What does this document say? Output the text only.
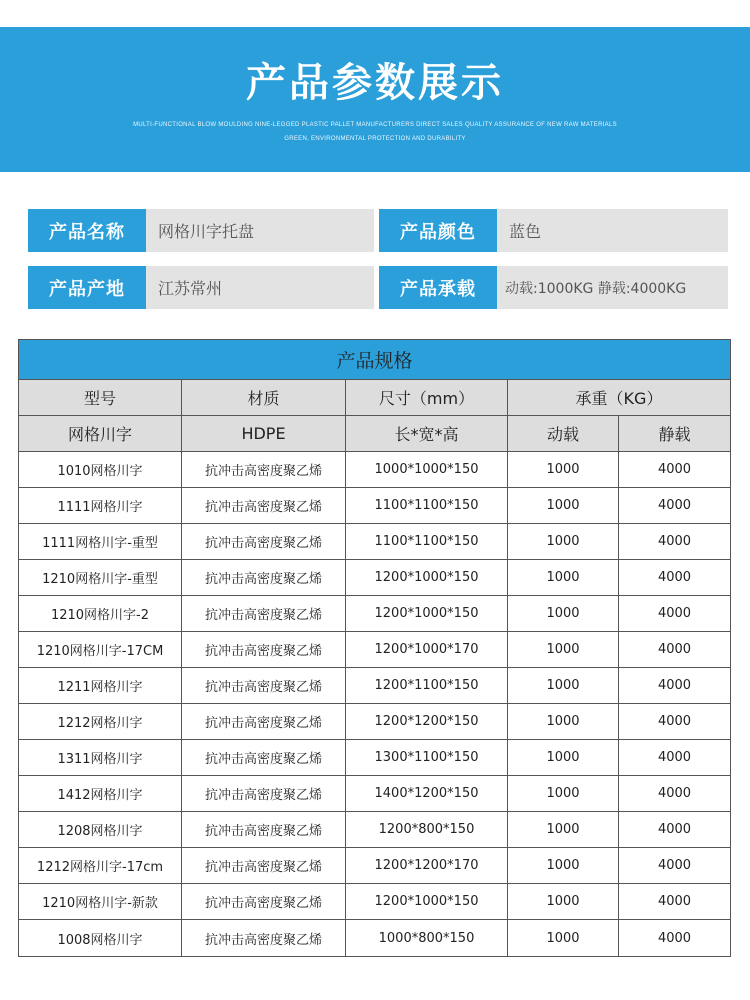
产品参数展示
MULTI-FUNCTIONAL BLOW MOULDING NINE-LEGGED PLASTIC PALLET MANUFACTURERS DIRECT SALES QUALITY ASSURANCE OF NEW RAW MATERIALS
GREEN, ENVIRONMENTAL PROTECTION AND DURABILITY
产品名称	网格川字托盘	产品颜色	蓝色
产品产地	江苏常州	产品承载	动载:1000KG 静载:4000KG
产品规格
型号	材质	尺寸（mm）	承重（KG）
网格川字	HDPE	长*宽*高	动载	静载
1010网格川字	抗冲击高密度聚乙烯	1000*1000*150	1000	4000
1111网格川字	抗冲击高密度聚乙烯	1100*1100*150	1000	4000
1111网格川字-重型	抗冲击高密度聚乙烯	1100*1100*150	1000	4000
1210网格川字-重型	抗冲击高密度聚乙烯	1200*1000*150	1000	4000
1210网格川字-2	抗冲击高密度聚乙烯	1200*1000*150	1000	4000
1210网格川字-17CM	抗冲击高密度聚乙烯	1200*1000*170	1000	4000
1211网格川字	抗冲击高密度聚乙烯	1200*1100*150	1000	4000
1212网格川字	抗冲击高密度聚乙烯	1200*1200*150	1000	4000
1311网格川字	抗冲击高密度聚乙烯	1300*1100*150	1000	4000
1412网格川字	抗冲击高密度聚乙烯	1400*1200*150	1000	4000
1208网格川字	抗冲击高密度聚乙烯	1200*800*150	1000	4000
1212网格川字-17cm	抗冲击高密度聚乙烯	1200*1200*170	1000	4000
1210网格川字-新款	抗冲击高密度聚乙烯	1200*1000*150	1000	4000
1008网格川字	抗冲击高密度聚乙烯	1000*800*150	1000	4000
